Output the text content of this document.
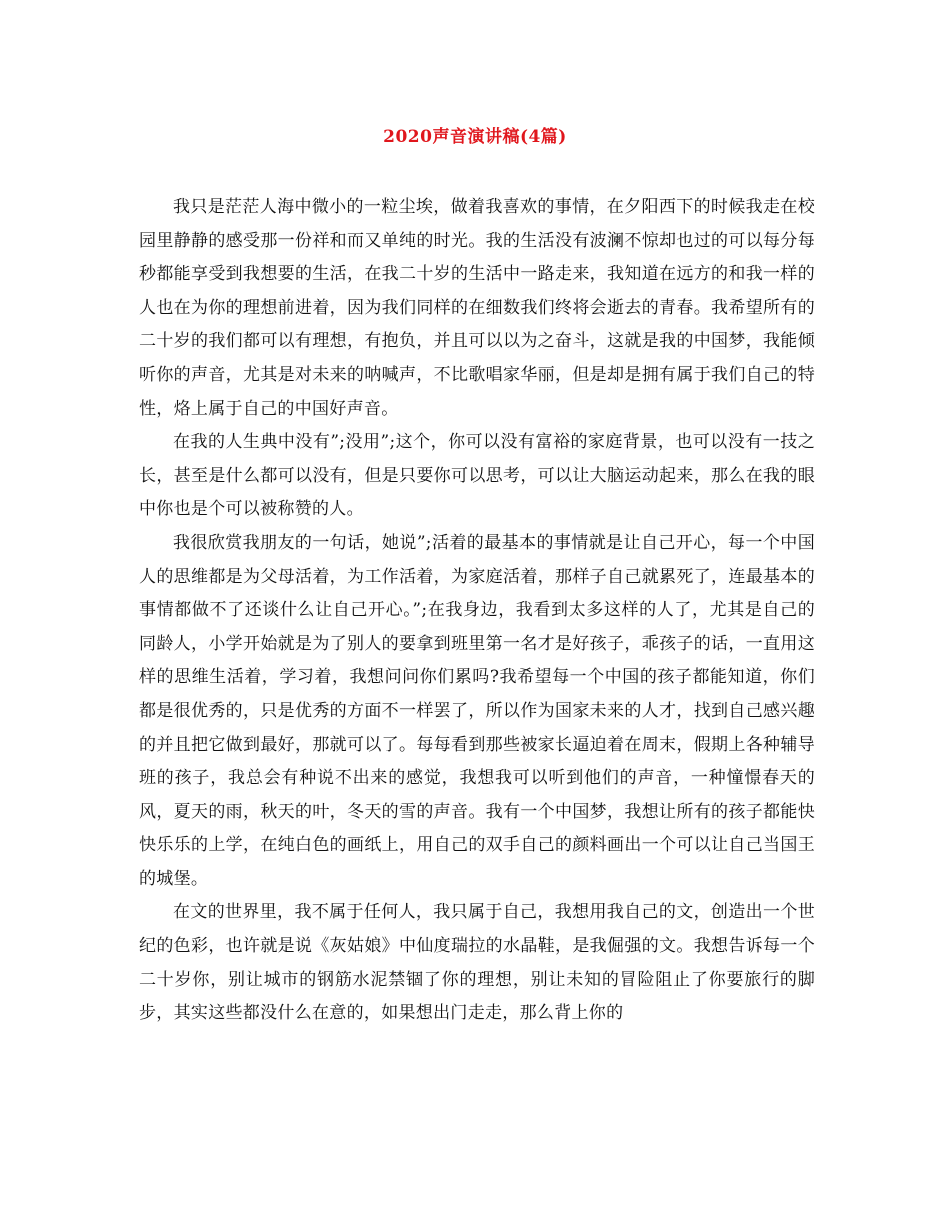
2020声音演讲稿(4篇)

我只是茫茫人海中微小的一粒尘埃，做着我喜欢的事情，在夕阳西下的时候我走在校园里静静的感受那一份祥和而又单纯的时光。我的生活没有波澜不惊却也过的可以每分每秒都能享受到我想要的生活，在我二十岁的生活中一路走来，我知道在远方的和我一样的人也在为你的理想前进着，因为我们同样的在细数我们终将会逝去的青春。我希望所有的二十岁的我们都可以有理想，有抱负，并且可以以为之奋斗，这就是我的中国梦，我能倾听你的声音，尤其是对未来的呐喊声，不比歌唱家华丽，但是却是拥有属于我们自己的特性，烙上属于自己的中国好声音。

在我的人生典中没有”;没用”;这个，你可以没有富裕的家庭背景，也可以没有一技之长，甚至是什么都可以没有，但是只要你可以思考，可以让大脑运动起来，那么在我的眼中你也是个可以被称赞的人。

我很欣赏我朋友的一句话，她说”;活着的最基本的事情就是让自己开心，每一个中国人的思维都是为父母活着，为工作活着，为家庭活着，那样子自己就累死了，连最基本的事情都做不了还谈什么让自己开心。”;在我身边，我看到太多这样的人了，尤其是自己的同龄人，小学开始就是为了别人的要拿到班里第一名才是好孩子，乖孩子的话，一直用这样的思维生活着，学习着，我想问问你们累吗?我希望每一个中国的孩子都能知道，你们都是很优秀的，只是优秀的方面不一样罢了，所以作为国家未来的人才，找到自己感兴趣的并且把它做到最好，那就可以了。每每看到那些被家长逼迫着在周末，假期上各种辅导班的孩子，我总会有种说不出来的感觉，我想我可以听到他们的声音，一种憧憬春天的风，夏天的雨，秋天的叶，冬天的雪的声音。我有一个中国梦，我想让所有的孩子都能快快乐乐的上学，在纯白色的画纸上，用自己的双手自己的颜料画出一个可以让自己当国王的城堡。

在文的世界里，我不属于任何人，我只属于自己，我想用我自己的文，创造出一个世纪的色彩，也许就是说《灰姑娘》中仙度瑞拉的水晶鞋，是我倔强的文。我想告诉每一个二十岁你，别让城市的钢筋水泥禁锢了你的理想，别让未知的冒险阻止了你要旅行的脚步，其实这些都没什么在意的，如果想出门走走，那么背上你的
